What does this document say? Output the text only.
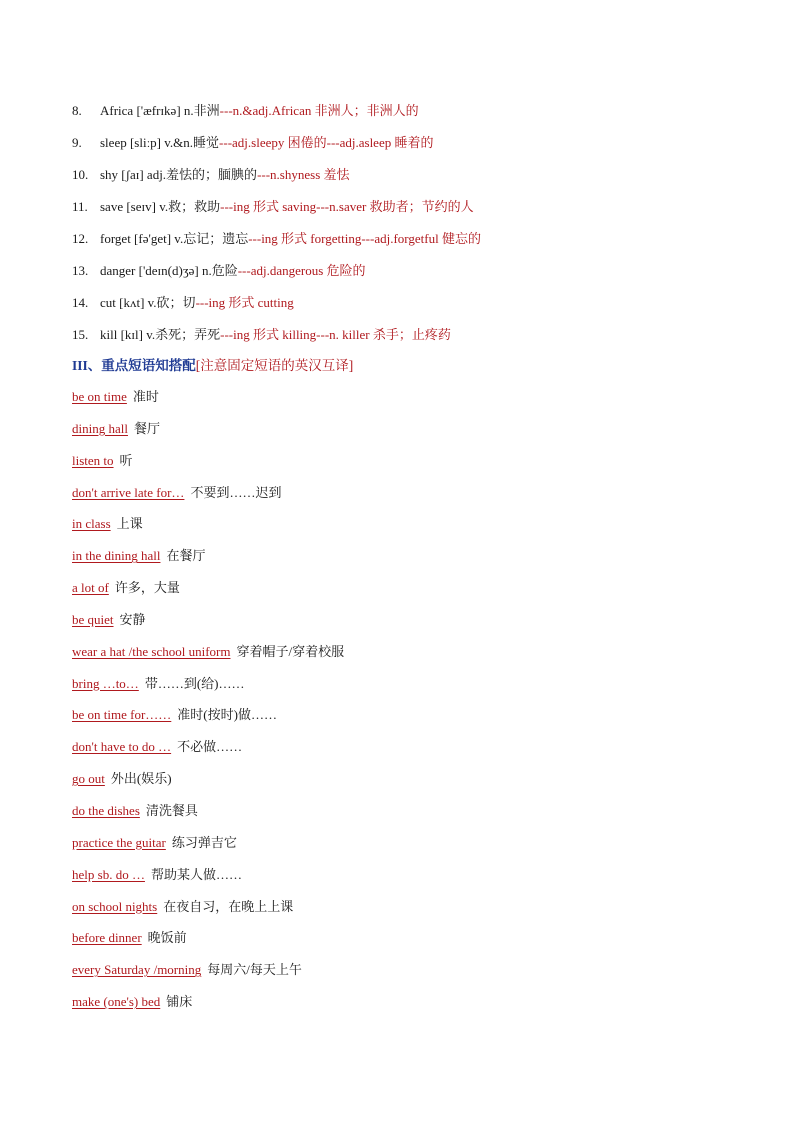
8.	Africa ['æfrɪkə] n.非洲 ---n.&adj.African 非洲人；非洲人的
9.	sleep [sliːp] v.&n.睡觉 ---adj.sleepy 困倦的---adj.asleep 睡着的
10. shy [ʃaɪ] adj.羞怯的；腼腆的 ---n.shyness 羞怯
11. save [seɪv] v.救；救助 ---ing 形式 saving---n.saver 救助者；节约的人
12. forget [fə'get] v.忘记；遗忘 ---ing 形式 forgetting---adj.forgetful 健忘的
13. danger ['deɪn(d)ʒə] n.危险 ---adj.dangerous 危险的
14. cut [kʌt] v.砍；切 ---ing 形式 cutting
15. kill [kɪl] v.杀死；弄死 ---ing 形式 killing---n. killer 杀手；止疼药
III、重点短语知搭配[注意固定短语的英汉互译]
be on time 准时
dining hall 餐厅
listen to 听
don't arrive late for… 不要到……迟到
in class 上课
in the dining hall 在餐厅
a lot of 许多，大量
be quiet 安静
wear a hat /the school uniform 穿着帽子/穿着校服
bring …to… 带……到(给)……
be on time for…… 准时(按时)做……
don't have to do … 不必做……
go out 外出(娱乐)
do the dishes 清洗餐具
practice the guitar 练习弹吉它
help sb. do … 帮助某人做……
on school nights 在夜自习，在晚上上课
before dinner 晚饭前
every Saturday /morning 每周六/每天上午
make (one's) bed 铺床
